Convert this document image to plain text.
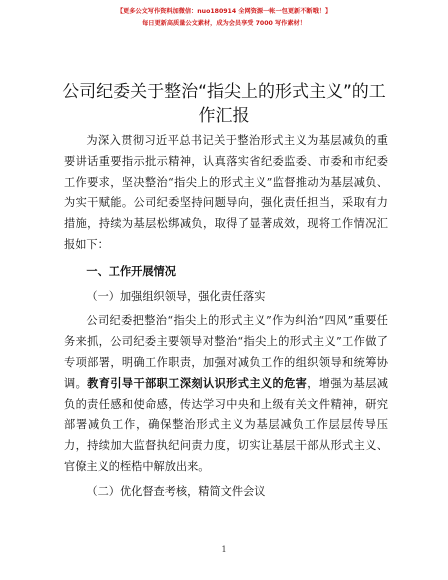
【更多公文写作资料加微信：nuo180914 全网资源一帐一包更新不断哦！】
每日更新高质量公文素材，成为会员享受 7000 写作素材！
公司纪委关于整治“指尖上的形式主义”的工
作汇报

为深入贯彻习近平总书记关于整治形式主义为基层减负的重要讲话重要指示批示精神，认真落实省纪委监委、市委和市纪委工作要求，坚决整治“指尖上的形式主义”监督推动为基层减负、为实干赋能。公司纪委坚持问题导向，强化责任担当，采取有力措施，持续为基层松绑减负，取得了显著成效，现将工作情况汇报如下：

一、工作开展情况

（一）加强组织领导，强化责任落实

公司纪委把整治“指尖上的形式主义”作为纠治“四风”重要任务来抓，公司纪委主要领导对整治“指尖上的形式主义”工作做了专项部署，明确工作职责，加强对减负工作的组织领导和统筹协调。教育引导干部职工深刻认识形式主义的危害，增强为基层减负的责任感和使命感，传达学习中央和上级有关文件精神，研究部署减负工作，确保整治形式主义为基层减负工作层层传导压力，持续加大监督执纪问责力度，切实让基层干部从形式主义、官僚主义的桎梏中解放出来。

（二）优化督查考核，精简文件会议

1
